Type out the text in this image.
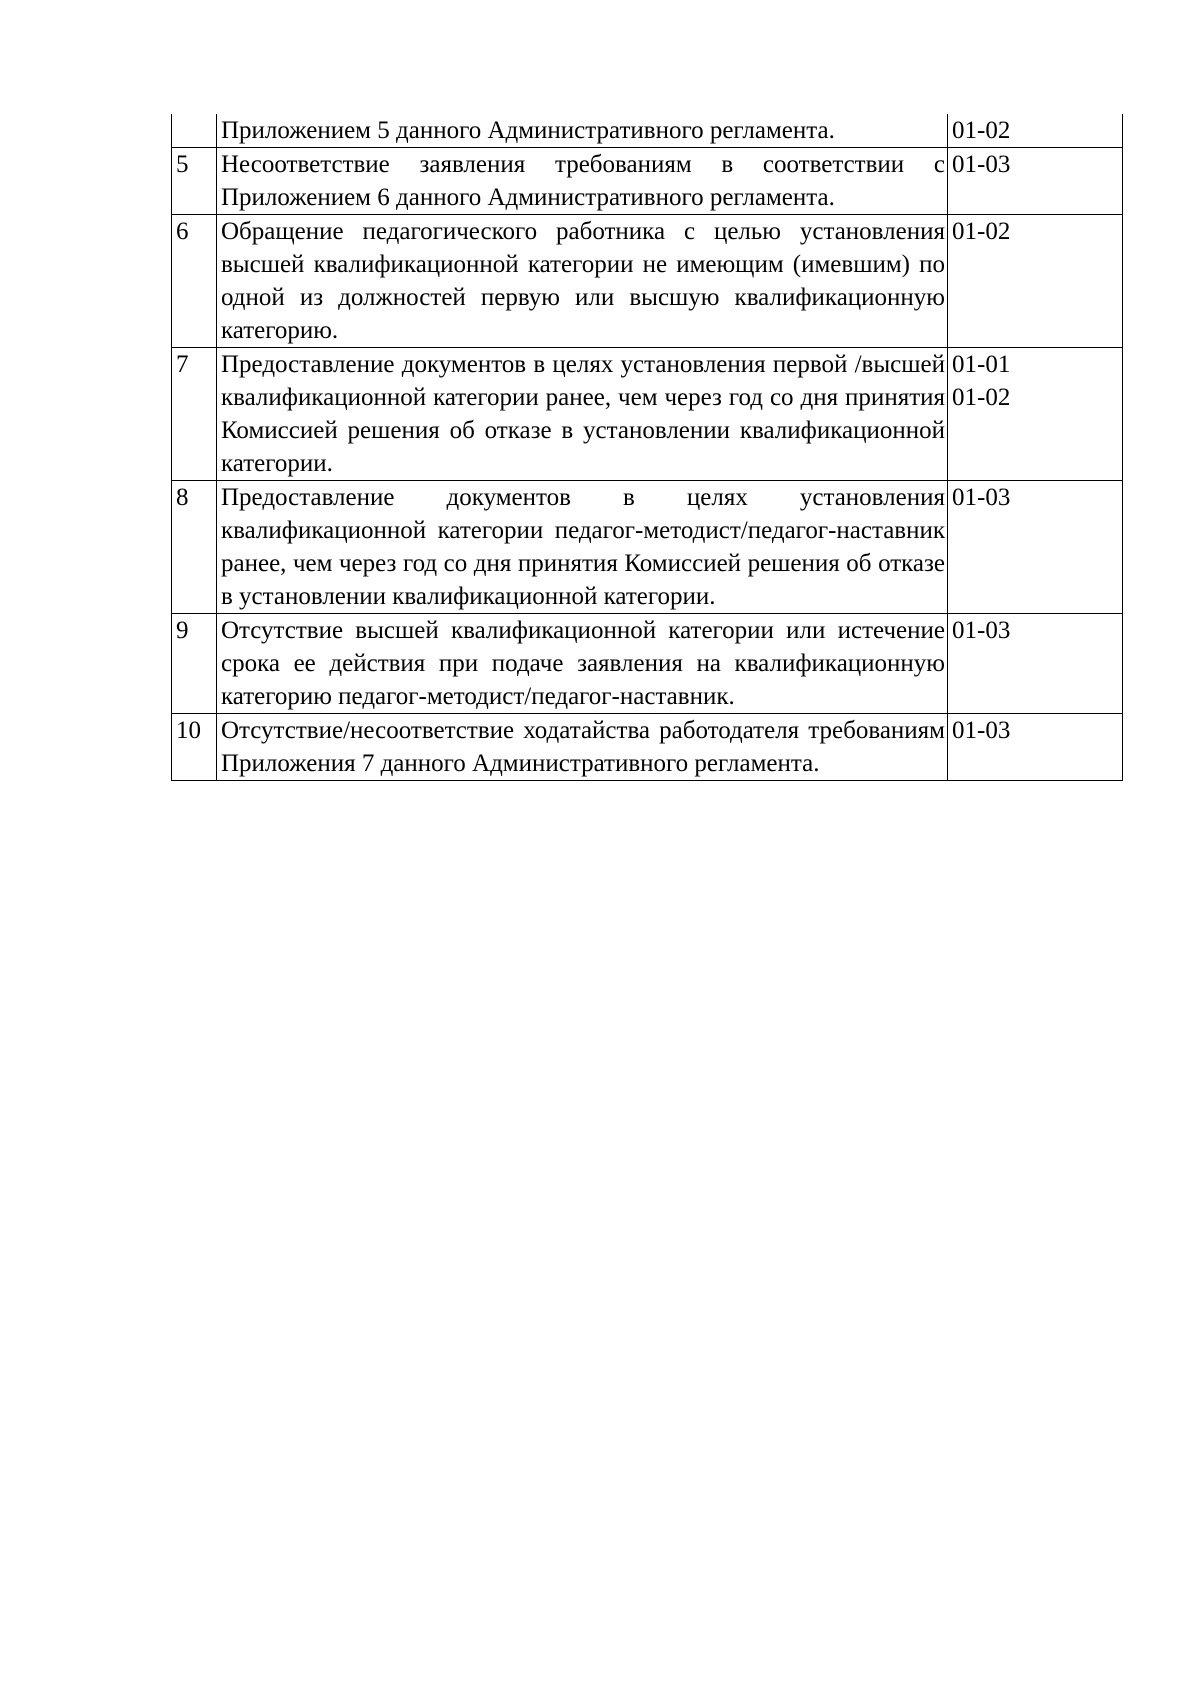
	Приложением 5 данного Административного регламента.	01-02

5	Несоответствие заявления требованиям в соответствии с Приложением 6 данного Административного регламента.	01-03

6	Обращение педагогического работника с целью установления высшей квалификационной категории не имеющим (имевшим) по одной из должностей первую или высшую квалификационную категорию.	01-02

7	Предоставление документов в целях установления первой /высшей квалификационной категории ранее, чем через год со дня принятия Комиссией решения об отказе в установлении квалификационной категории.	01-01
01-02

8	Предоставление документов в целях установления квалификационной категории педагог-методист/педагог-наставник ранее, чем через год со дня принятия Комиссией решения об отказе в установлении квалификационной категории.	01-03

9	Отсутствие высшей квалификационной категории или истечение срока ее действия при подаче заявления на квалификационную категорию педагог-методист/педагог-наставник.	01-03

10	Отсутствие/несоответствие ходатайства работодателя требованиям Приложения 7 данного Административного регламента.	01-03
